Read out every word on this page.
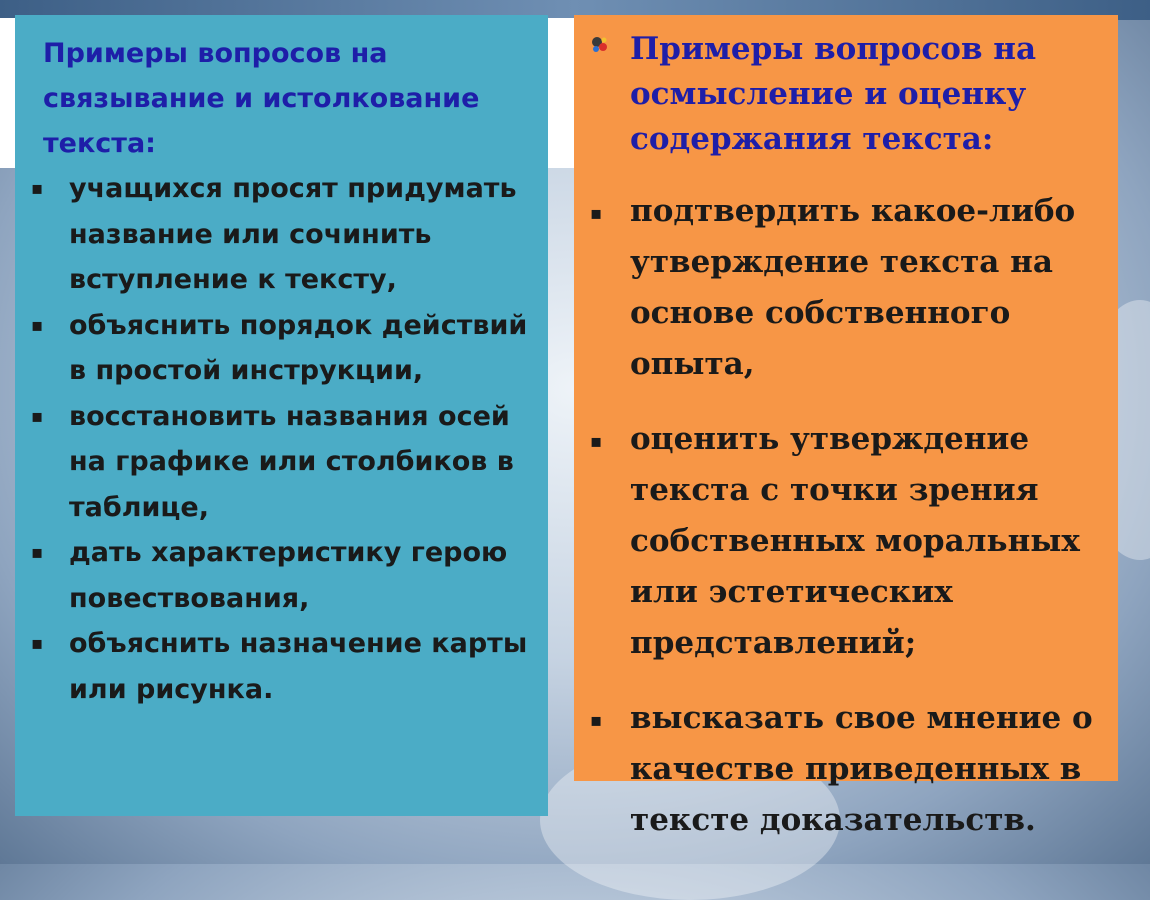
Примеры вопросов на связывание и истолкование текста:
▪ учащихся просят придумать название или сочинить вступление к тексту,
▪ объяснить порядок действий в простой инструкции,
▪ восстановить названия осей на графике или столбиков в таблице,
▪ дать характеристику герою повествования,
▪ объяснить назначение карты или рисунка.
Примеры вопросов на осмысление и оценку содержания текста:
▪ подтвердить какое-либо утверждение текста на основе собственного опыта,
▪ оценить утверждение текста с точки зрения собственных моральных или эстетических представлений;
▪ высказать свое мнение о качестве приведенных в тексте доказательств.
